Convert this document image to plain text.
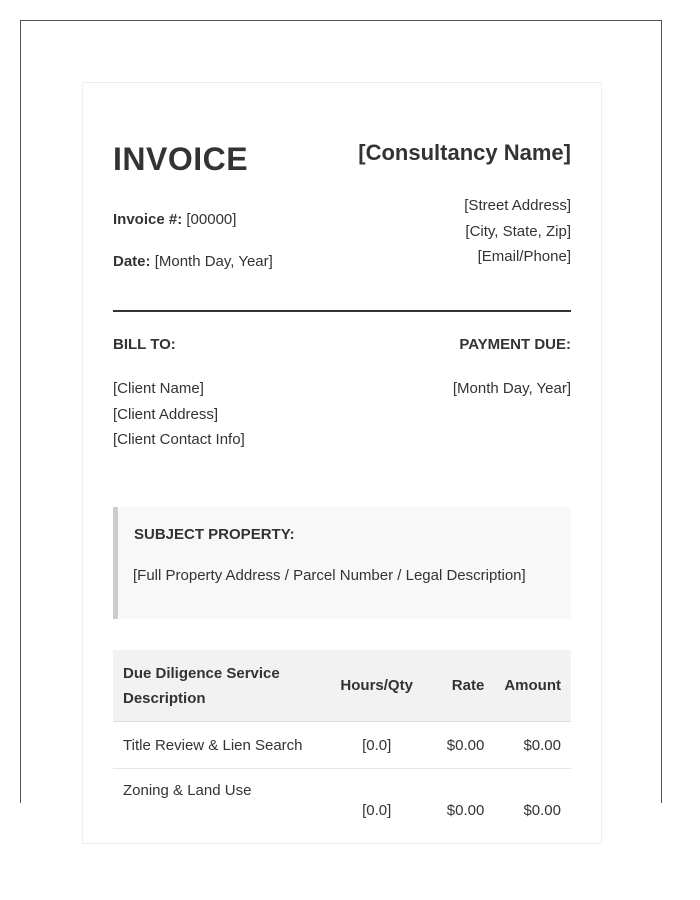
INVOICE	[Consultancy Name]
Invoice #: [00000]
Date: [Month Day, Year]
[Street Address]
[City, State, Zip]
[Email/Phone]
BILL TO:	PAYMENT DUE:
[Client Name]
[Client Address]
[Client Contact Info]
[Month Day, Year]
SUBJECT PROPERTY:
[Full Property Address / Parcel Number / Legal Description]
Due Diligence Service Description	Hours/Qty	Rate	Amount
Title Review & Lien Search	[0.0]	$0.00	$0.00
Zoning & Land Use	[0.0]	$0.00	$0.00
